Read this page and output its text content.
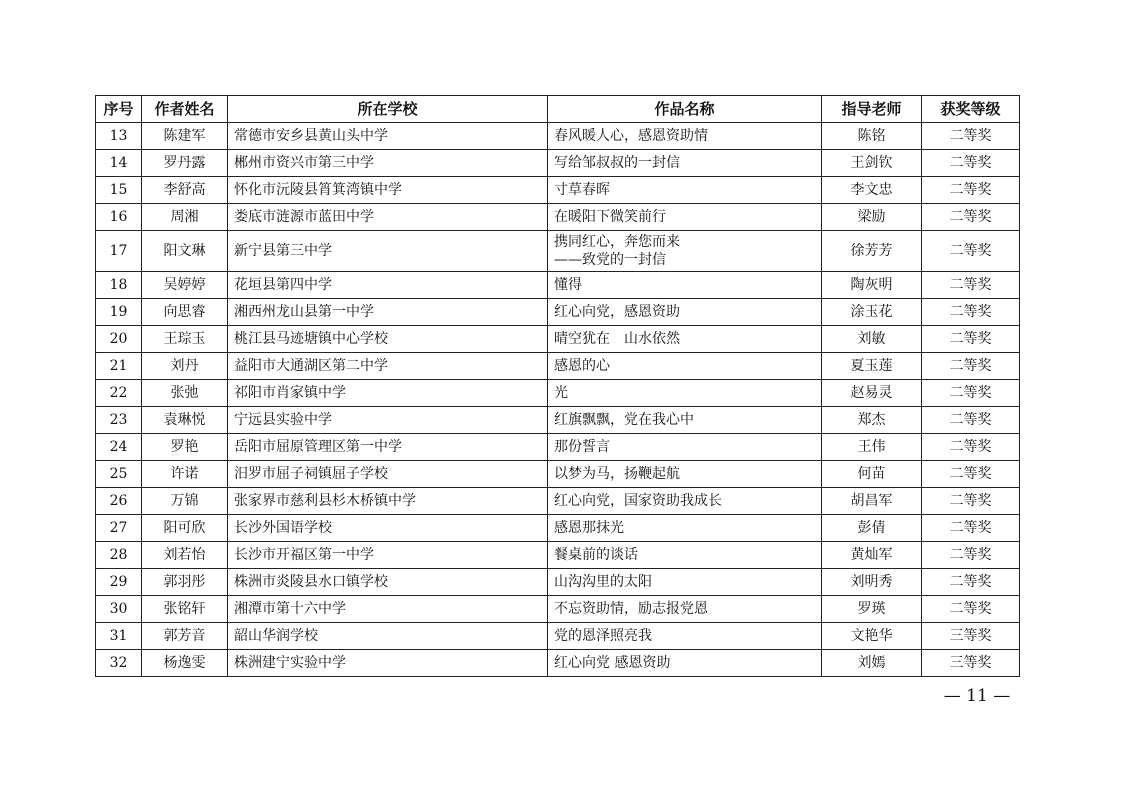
序号	作者姓名	所在学校	作品名称	指导老师	获奖等级
13	陈建军	常德市安乡县黄山头中学	春风暖人心，感恩资助情	陈铭	二等奖
14	罗丹露	郴州市资兴市第三中学	写给邹叔叔的一封信	王剑钦	二等奖
15	李舒高	怀化市沅陵县筲箕湾镇中学	寸草春晖	李文忠	二等奖
16	周湘	娄底市涟源市蓝田中学	在暖阳下微笑前行	梁励	二等奖
17	阳文琳	新宁县第三中学	携同红心，奔您而来
——致党的一封信	徐芳芳	二等奖
18	吴婷婷	花垣县第四中学	懂得	陶灰明	二等奖
19	向思睿	湘西州龙山县第一中学	红心向党，感恩资助	涂玉花	二等奖
20	王琮玉	桃江县马迹塘镇中心学校	晴空犹在　山水依然	刘敏	二等奖
21	刘丹	益阳市大通湖区第二中学	感恩的心	夏玉莲	二等奖
22	张弛	祁阳市肖家镇中学	光	赵易灵	二等奖
23	袁琳悦	宁远县实验中学	红旗飘飘，党在我心中	郑杰	二等奖
24	罗艳	岳阳市屈原管理区第一中学	那份誓言	王伟	二等奖
25	许诺	汨罗市屈子祠镇屈子学校	以梦为马，扬鞭起航	何苗	二等奖
26	万锦	张家界市慈利县杉木桥镇中学	红心向党，国家资助我成长	胡昌军	二等奖
27	阳可欣	长沙外国语学校	感恩那抹光	彭倩	二等奖
28	刘若怡	长沙市开福区第一中学	餐桌前的谈话	黄灿军	二等奖
29	郭羽彤	株洲市炎陵县水口镇学校	山沟沟里的太阳	刘明秀	二等奖
30	张铭轩	湘潭市第十六中学	不忘资助情，励志报党恩	罗瑛	二等奖
31	郭芳音	韶山华润学校	党的恩泽照亮我	文艳华	三等奖
32	杨逸雯	株洲建宁实验中学	红心向党 感恩资助	刘嫣	三等奖
— 11 —
